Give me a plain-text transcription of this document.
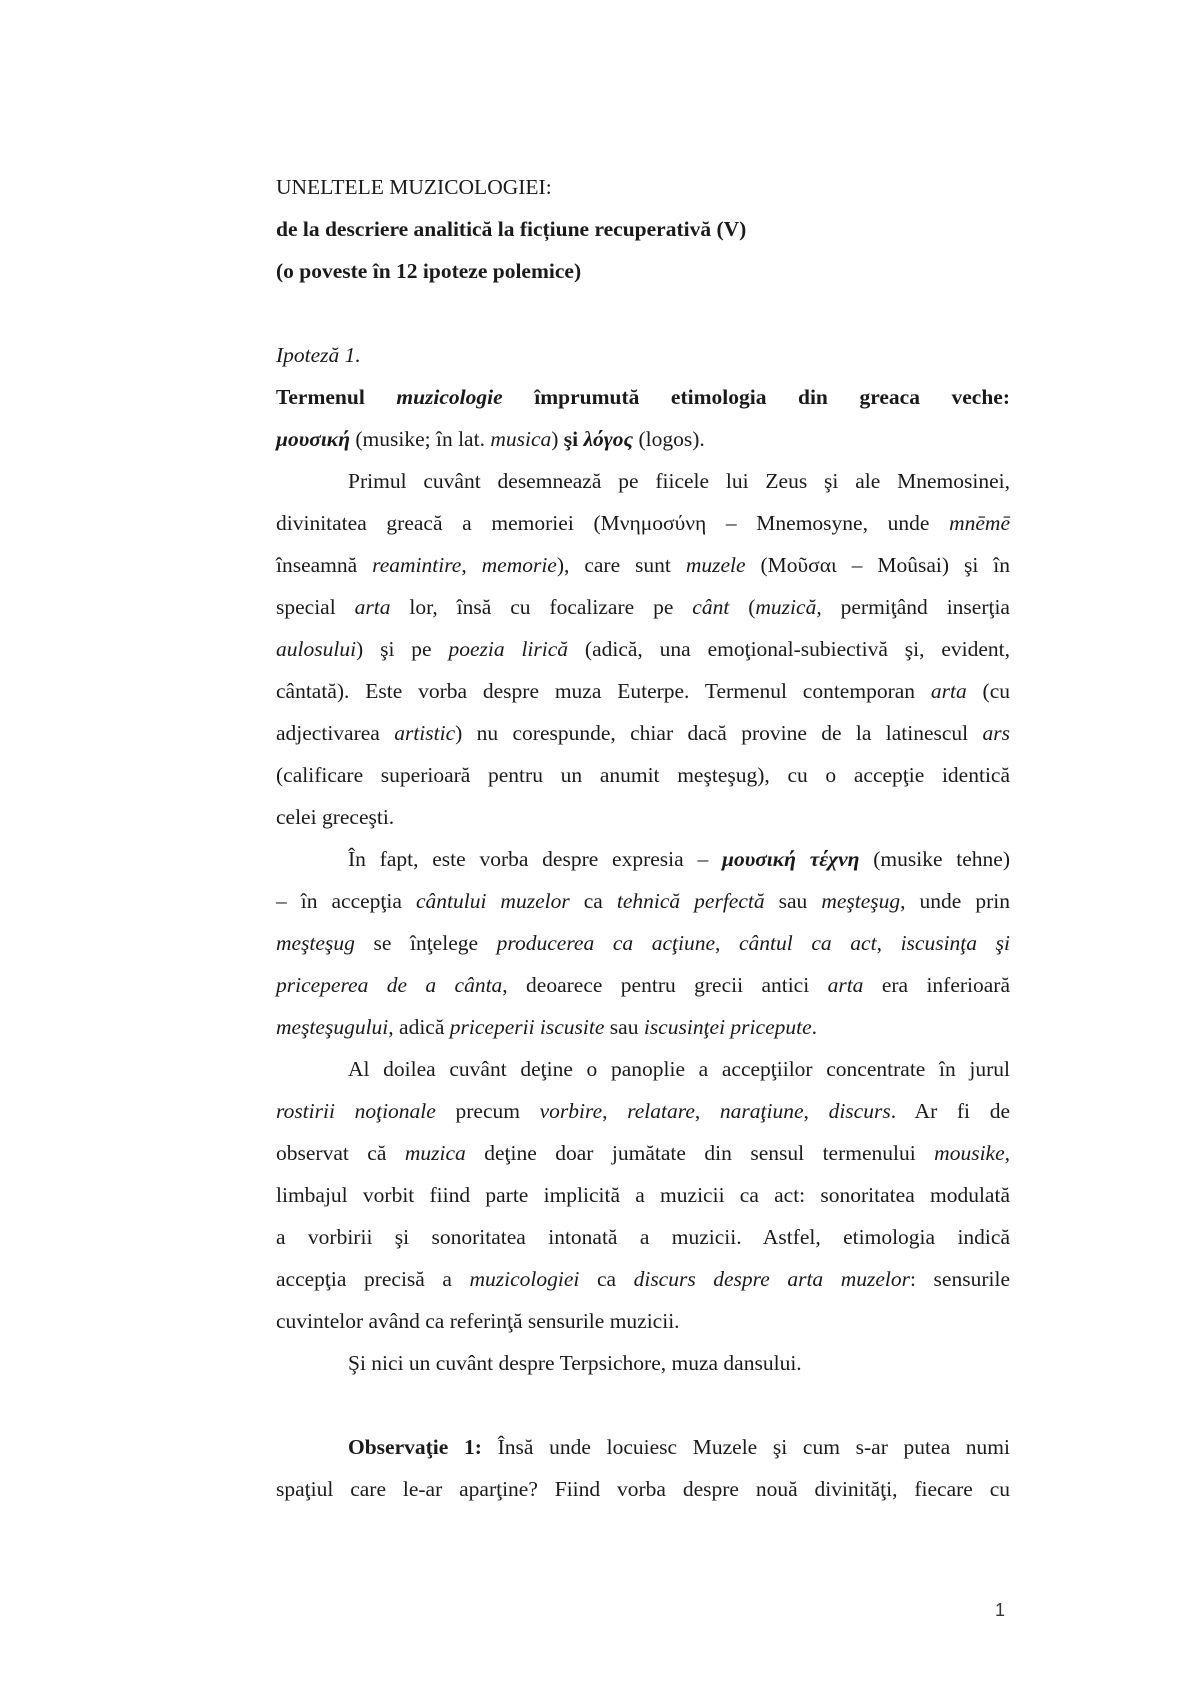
UNELTELE MUZICOLOGIEI:

de la descriere analitică la ficțiune recuperativă (V)

(o poveste în 12 ipoteze polemice)

Ipoteză 1.

Termenul muzicologie împrumută etimologia din greaca veche:

μουσική (musike; în lat. musica) şi λόγος (logos).

Primul cuvânt desemnează pe fiicele lui Zeus şi ale Mnemosinei,
divinitatea greacă a memoriei (Μνημοσύνη – Mnemosyne, unde mnēmē
înseamnă reamintire, memorie), care sunt muzele (Μοῦσαι – Moûsai) şi în
special arta lor, însă cu focalizare pe cânt (muzică, permiţând inserţia
aulosului) şi pe poezia lirică (adică, una emoţional-subiectivă şi, evident,
cântată). Este vorba despre muza Euterpe. Termenul contemporan arta (cu
adjectivarea artistic) nu corespunde, chiar dacă provine de la latinescul ars
(calificare superioară pentru un anumit meşteşug), cu o accepţie identică
celei greceşti.

În fapt, este vorba despre expresia – μουσική τέχνη (musike tehne)
– în accepţia cântului muzelor ca tehnică perfectă sau meşteşug, unde prin
meşteşug se înţelege producerea ca acţiune, cântul ca act, iscusinţa şi
priceperea de a cânta, deoarece pentru grecii antici arta era inferioară
meşteşugului, adică priceperii iscusite sau iscusinţei pricepute.

Al doilea cuvânt deţine o panoplie a accepţiilor concentrate în jurul
rostirii noţionale precum vorbire, relatare, naraţiune, discurs. Ar fi de
observat că muzica deţine doar jumătate din sensul termenului mousike,
limbajul vorbit fiind parte implicită a muzicii ca act: sonoritatea modulată
a vorbirii şi sonoritatea intonată a muzicii. Astfel, etimologia indică
accepţia precisă a muzicologiei ca discurs despre arta muzelor: sensurile
cuvintelor având ca referinţă sensurile muzicii.

Şi nici un cuvânt despre Terpsichore, muza dansului.

Observaţie 1: Însă unde locuiesc Muzele şi cum s-ar putea numi
spaţiul care le-ar aparţine? Fiind vorba despre nouă divinităţi, fiecare cu

1
